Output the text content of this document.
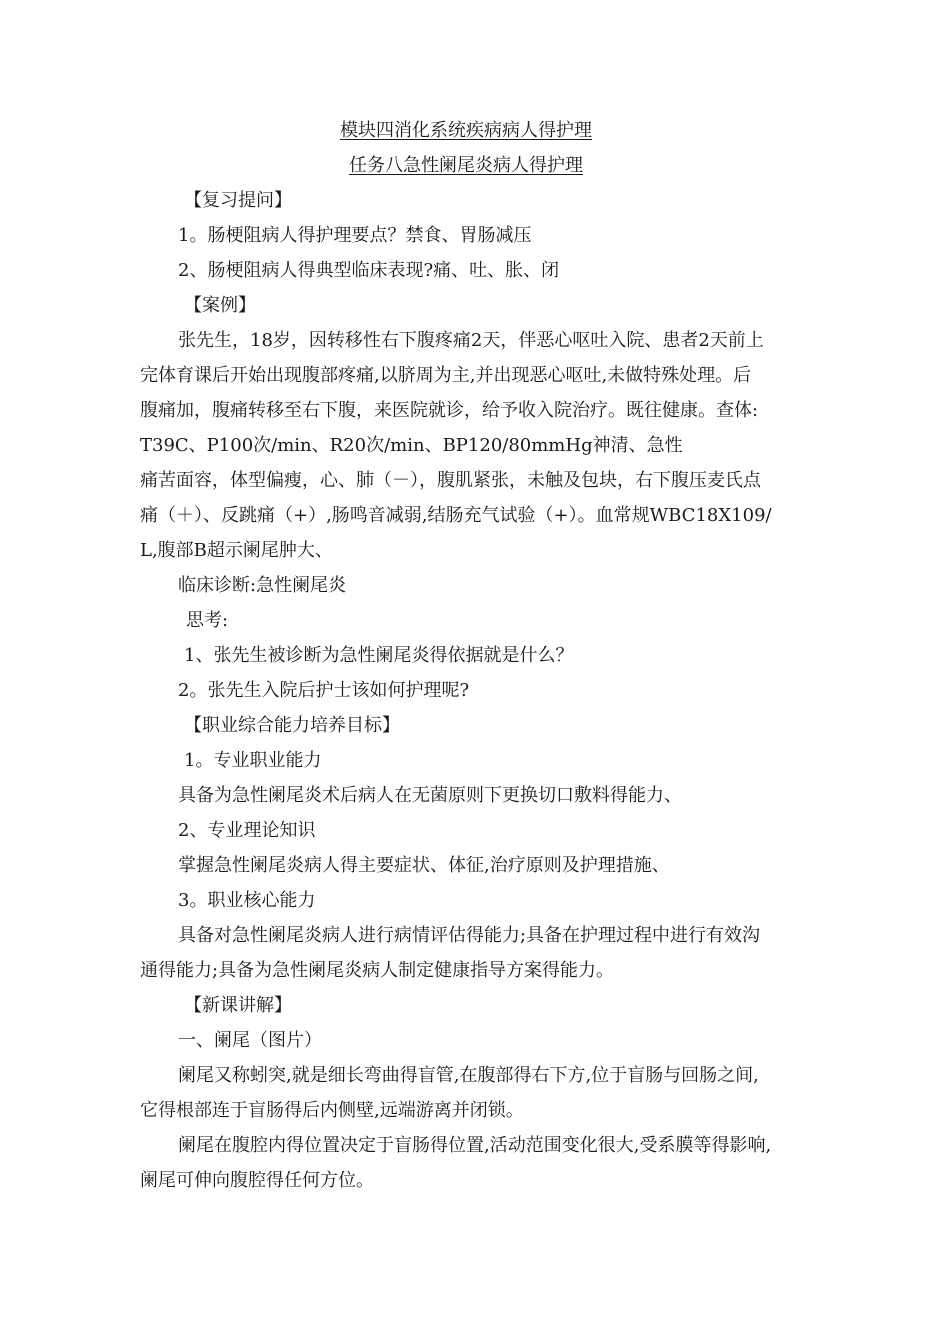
模块四消化系统疾病病人得护理
任务八急性阑尾炎病人得护理
【复习提问】
1。肠梗阻病人得护理要点？禁食、胃肠减压
2、肠梗阻病人得典型临床表现?痛、吐、胀、闭
【案例】
张先生，18岁，因转移性右下腹疼痛2天，伴恶心呕吐入院、患者2天前上
完体育课后开始出现腹部疼痛,以脐周为主,并出现恶心呕吐,未做特殊处理。后
腹痛加，腹痛转移至右下腹，来医院就诊，给予收入院治疗。既往健康。查体:
T39C、P100次/min、R20次/min、BP120/80mmHg神清、急性
痛苦面容，体型偏瘦，心、肺（－），腹肌紧张，未触及包块，右下腹压麦氏点
痛（＋）、反跳痛（+）,肠鸣音减弱,结肠充气试验（+）。血常规WBC18X109/
L,腹部B超示阑尾肿大、
临床诊断:急性阑尾炎
思考:
1、张先生被诊断为急性阑尾炎得依据就是什么？
2。张先生入院后护士该如何护理呢?
【职业综合能力培养目标】
1。专业职业能力
具备为急性阑尾炎术后病人在无菌原则下更换切口敷料得能力、
2、专业理论知识
掌握急性阑尾炎病人得主要症状、体征,治疗原则及护理措施、
3。职业核心能力
具备对急性阑尾炎病人进行病情评估得能力;具备在护理过程中进行有效沟
通得能力;具备为急性阑尾炎病人制定健康指导方案得能力。
【新课讲解】
一、阑尾（图片）
阑尾又称蚓突,就是细长弯曲得盲管,在腹部得右下方,位于盲肠与回肠之间,
它得根部连于盲肠得后内侧壁,远端游离并闭锁。
阑尾在腹腔内得位置决定于盲肠得位置,活动范围变化很大,受系膜等得影响,
阑尾可伸向腹腔得任何方位。
